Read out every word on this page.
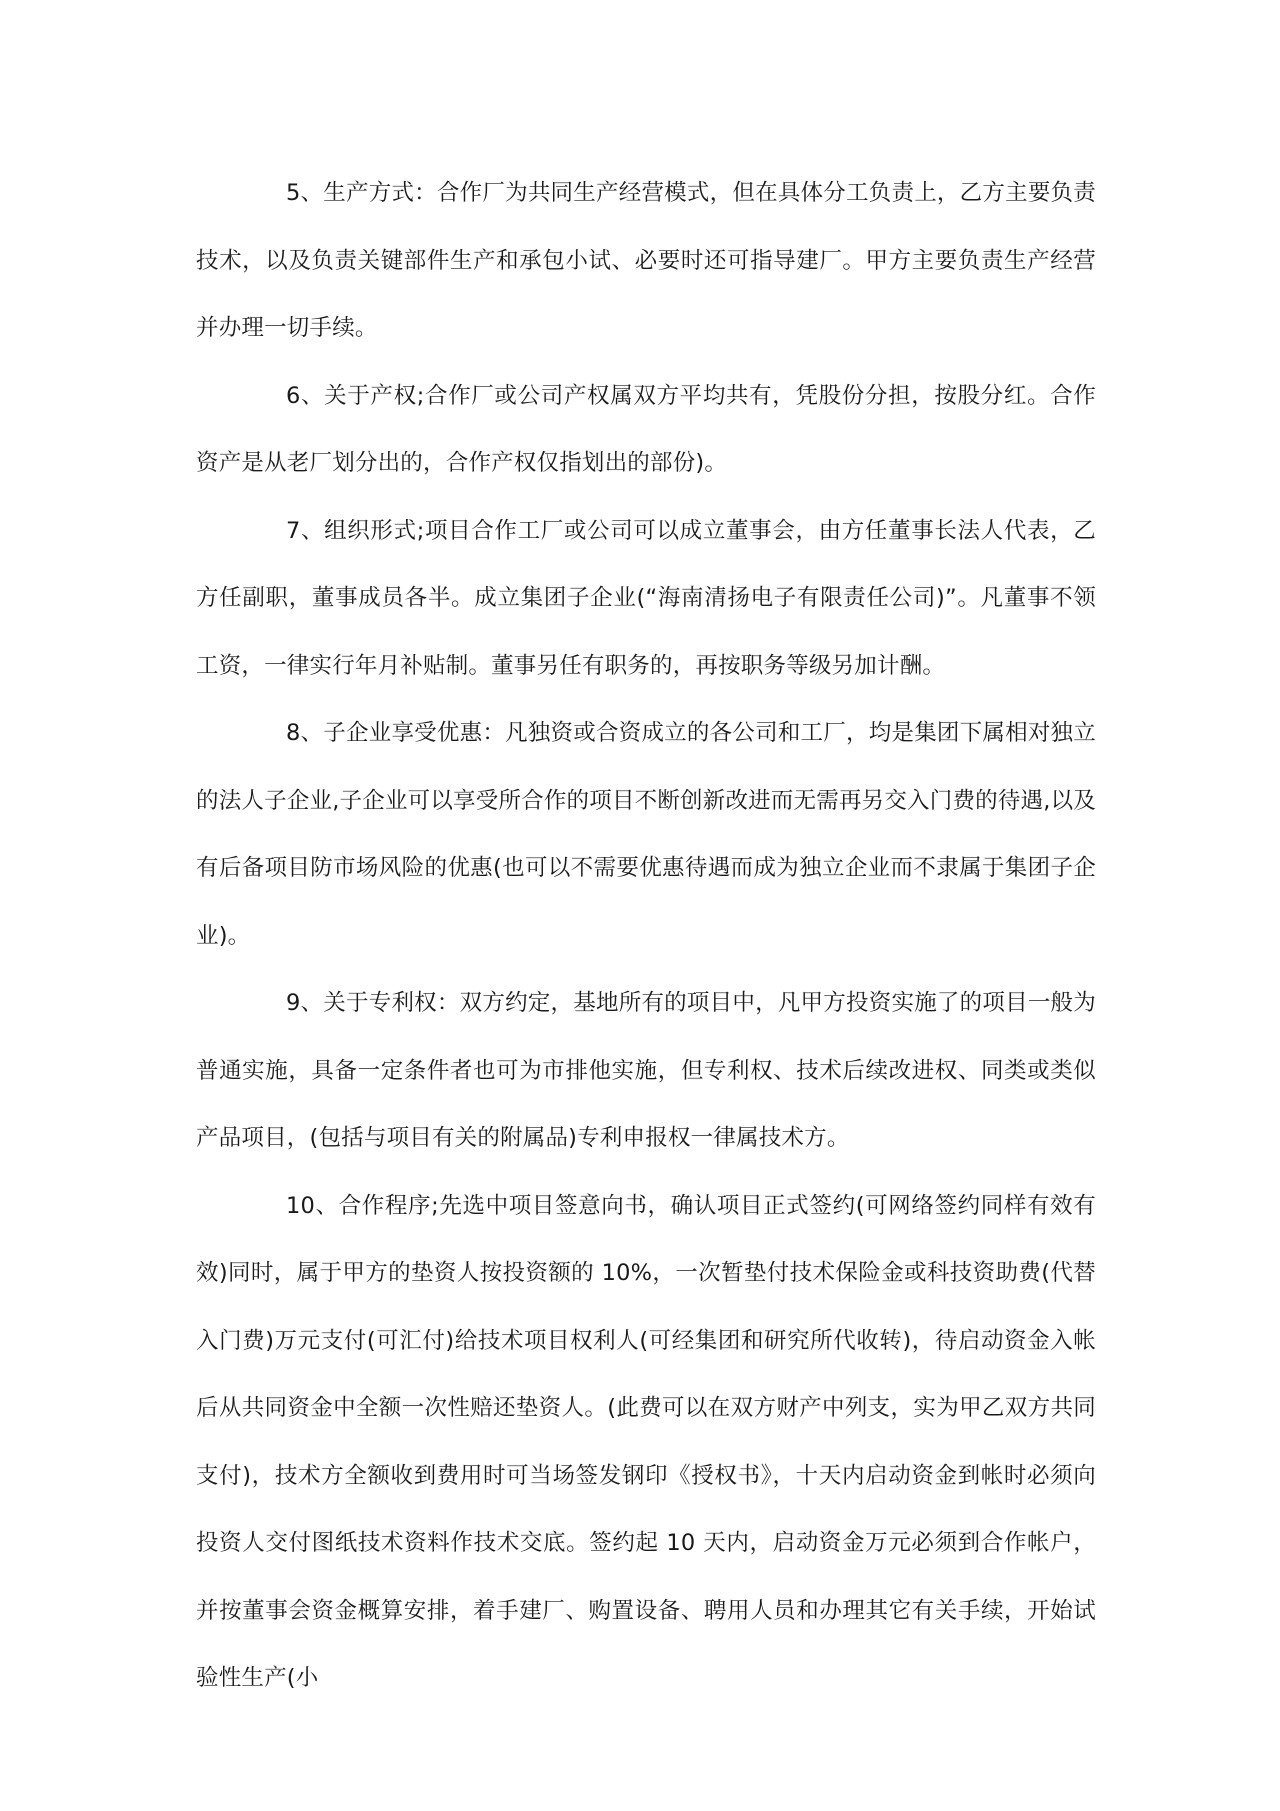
5、生产方式：合作厂为共同生产经营模式，但在具体分工负责上，乙方主要负责技术，以及负责关键部件生产和承包小试、必要时还可指导建厂。甲方主要负责生产经营并办理一切手续。

6、关于产权;合作厂或公司产权属双方平均共有，凭股份分担，按股分红。合作资产是从老厂划分出的，合作产权仅指划出的部份)。

7、组织形式;项目合作工厂或公司可以成立董事会，由方任董事长法人代表，乙方任副职，董事成员各半。成立集团子企业(“海南清扬电子有限责任公司)”。凡董事不领工资，一律实行年月补贴制。董事另任有职务的，再按职务等级另加计酬。

8、子企业享受优惠：凡独资或合资成立的各公司和工厂，均是集团下属相对独立的法人子企业,子企业可以享受所合作的项目不断创新改进而无需再另交入门费的待遇,以及有后备项目防市场风险的优惠(也可以不需要优惠待遇而成为独立企业而不隶属于集团子企业)。

9、关于专利权：双方约定，基地所有的项目中，凡甲方投资实施了的项目一般为普通实施，具备一定条件者也可为市排他实施，但专利权、技术后续改进权、同类或类似产品项目，(包括与项目有关的附属品)专利申报权一律属技术方。

10、合作程序;先选中项目签意向书，确认项目正式签约(可网络签约同样有效有效)同时，属于甲方的垫资人按投资额的 10%，一次暂垫付技术保险金或科技资助费(代替入门费)万元支付(可汇付)给技术项目权利人(可经集团和研究所代收转)，待启动资金入帐后从共同资金中全额一次性赔还垫资人。(此费可以在双方财产中列支，实为甲乙双方共同支付)，技术方全额收到费用时可当场签发钢印《授权书》，十天内启动资金到帐时必须向投资人交付图纸技术资料作技术交底。签约起 10 天内，启动资金万元必须到合作帐户，并按董事会资金概算安排，着手建厂、购置设备、聘用人员和办理其它有关手续，开始试验性生产(小
